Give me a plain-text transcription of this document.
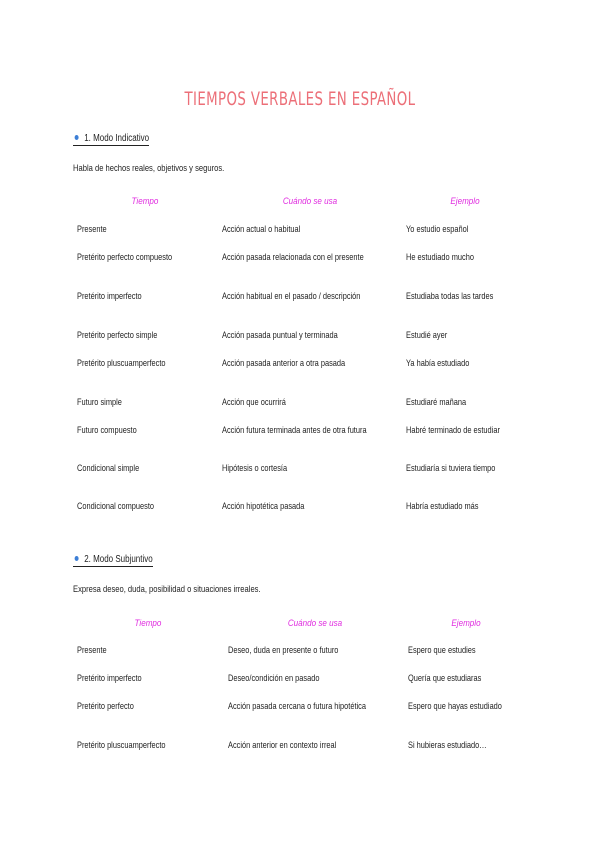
TIEMPOS VERBALES EN ESPAÑOL
1. Modo Indicativo
Habla de hechos reales, objetivos y seguros.
Tiempo	Cuándo se usa	Ejemplo
Presente	Acción actual o habitual	Yo estudio español
Pretérito perfecto compuesto	Acción pasada relacionada con el presente	He estudiado mucho
Pretérito imperfecto	Acción habitual en el pasado / descripción	Estudiaba todas las tardes
Pretérito perfecto simple	Acción pasada puntual y terminada	Estudié ayer
Pretérito pluscuamperfecto	Acción pasada anterior a otra pasada	Ya había estudiado
Futuro simple	Acción que ocurrirá	Estudiaré mañana
Futuro compuesto	Acción futura terminada antes de otra futura	Habré terminado de estudiar
Condicional simple	Hipótesis o cortesía	Estudiaría si tuviera tiempo
Condicional compuesto	Acción hipotética pasada	Habría estudiado más
2. Modo Subjuntivo
Expresa deseo, duda, posibilidad o situaciones irreales.
Tiempo	Cuándo se usa	Ejemplo
Presente	Deseo, duda en presente o futuro	Espero que estudies
Pretérito imperfecto	Deseo/condición en pasado	Quería que estudiaras
Pretérito perfecto	Acción pasada cercana o futura hipotética	Espero que hayas estudiado
Pretérito pluscuamperfecto	Acción anterior en contexto irreal	Si hubieras estudiado…
